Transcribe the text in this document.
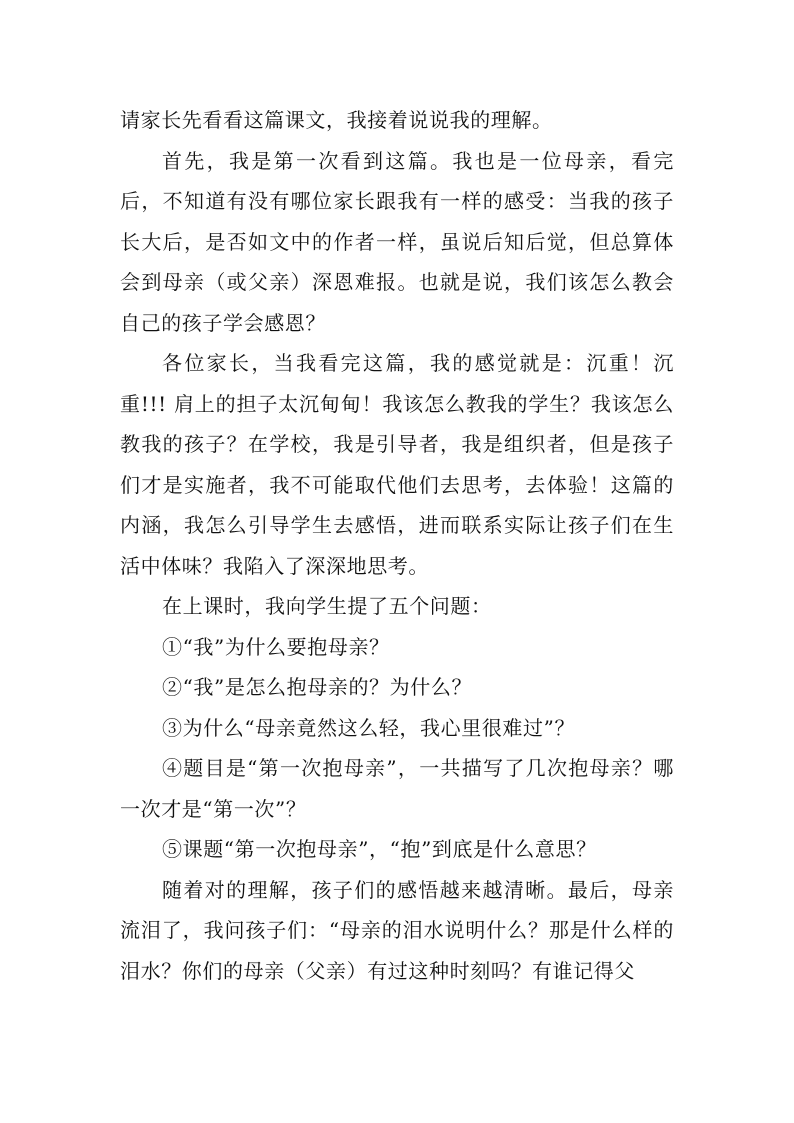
请家长先看看这篇课文，我接着说说我的理解。

首先，我是第一次看到这篇。我也是一位母亲，看完后，不知道有没有哪位家长跟我有一样的感受：当我的孩子长大后，是否如文中的作者一样，虽说后知后觉，但总算体会到母亲（或父亲）深恩难报。也就是说，我们该怎么教会自己的孩子学会感恩？

各位家长，当我看完这篇，我的感觉就是：沉重！沉重!!! 肩上的担子太沉甸甸！我该怎么教我的学生？我该怎么教我的孩子？在学校，我是引导者，我是组织者，但是孩子们才是实施者，我不可能取代他们去思考，去体验！这篇的内涵，我怎么引导学生去感悟，进而联系实际让孩子们在生活中体味？我陷入了深深地思考。

在上课时，我向学生提了五个问题：

①“我”为什么要抱母亲？

②“我”是怎么抱母亲的？为什么？

③为什么“母亲竟然这么轻，我心里很难过”？

④题目是“第一次抱母亲”，一共描写了几次抱母亲？哪一次才是“第一次”？

⑤课题“第一次抱母亲”，“抱”到底是什么意思？

随着对的理解，孩子们的感悟越来越清晰。最后，母亲流泪了，我问孩子们：“母亲的泪水说明什么？那是什么样的泪水？你们的母亲（父亲）有过这种时刻吗？有谁记得父
